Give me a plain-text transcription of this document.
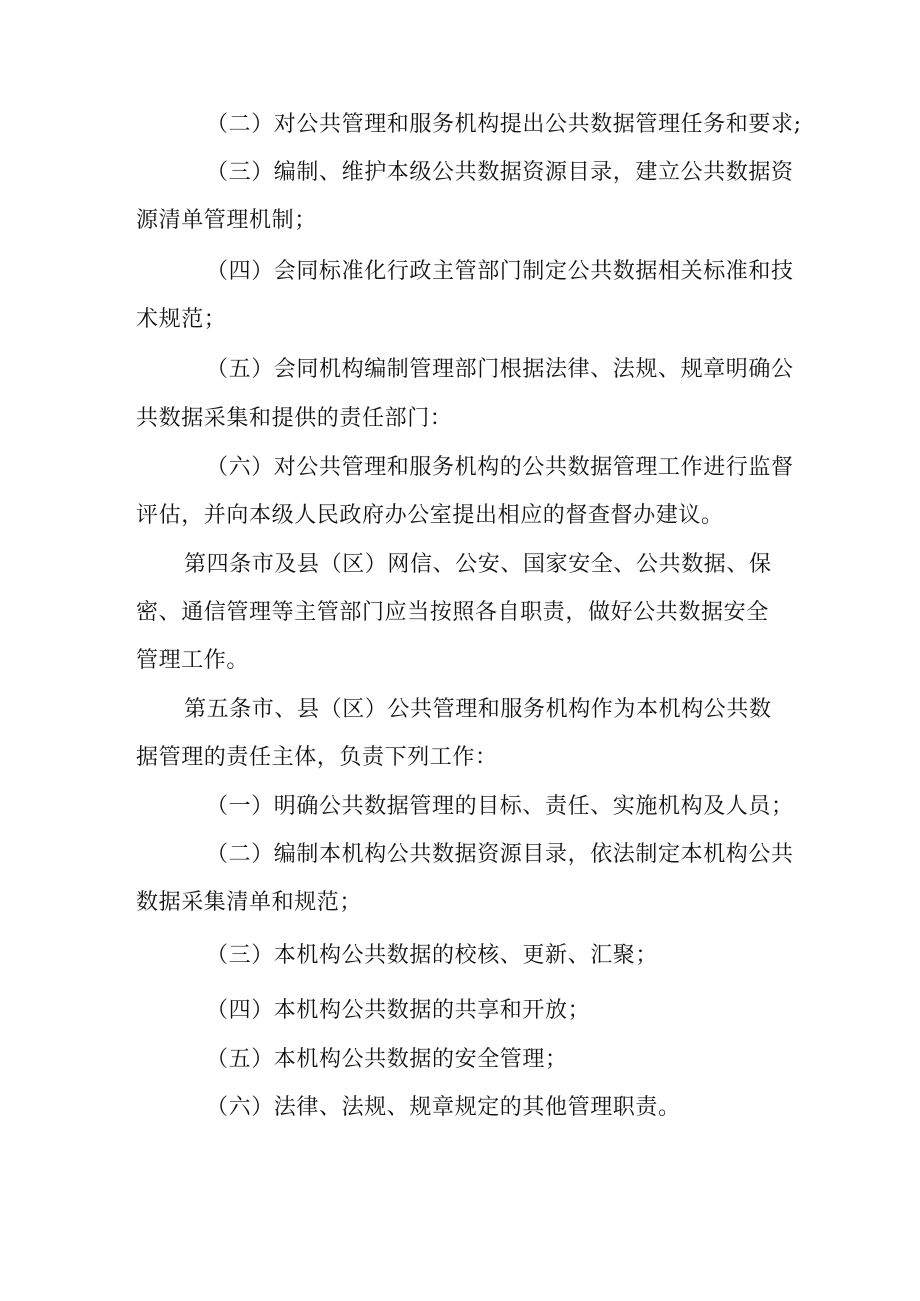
（二）对公共管理和服务机构提出公共数据管理任务和要求;
（三）编制、维护本级公共数据资源目录，建立公共数据资
源清单管理机制；
（四）会同标准化行政主管部门制定公共数据相关标准和技
术规范；
（五）会同机构编制管理部门根据法律、法规、规章明确公
共数据采集和提供的责任部门：
（六）对公共管理和服务机构的公共数据管理工作进行监督
评估，并向本级人民政府办公室提出相应的督查督办建议。
第四条市及县（区）网信、公安、国家安全、公共数据、保
密、通信管理等主管部门应当按照各自职责，做好公共数据安全
管理工作。
第五条市、县（区）公共管理和服务机构作为本机构公共数
据管理的责任主体，负责下列工作：
（一）明确公共数据管理的目标、责任、实施机构及人员；
（二）编制本机构公共数据资源目录，依法制定本机构公共
数据采集清单和规范；
（三）本机构公共数据的校核、更新、汇聚；
（四）本机构公共数据的共享和开放；
（五）本机构公共数据的安全管理；
（六）法律、法规、规章规定的其他管理职责。
